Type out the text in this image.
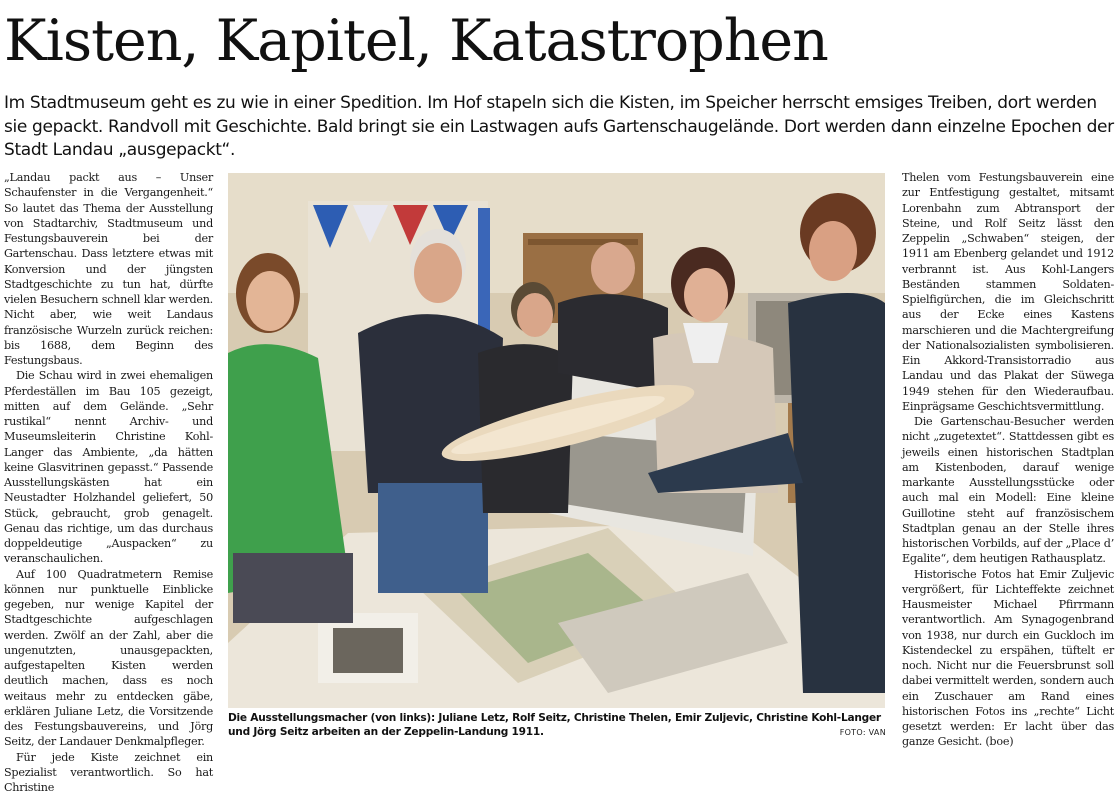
Kisten, Kapitel, Katastrophen

Im Stadtmuseum geht es zu wie in einer Spedition. Im Hof stapeln sich die Kisten, im Speicher herrscht emsiges Treiben, dort werden sie gepackt. Randvoll mit Geschichte. Bald bringt sie ein Lastwagen aufs Gartenschaugelände. Dort werden dann einzelne Epochen der Stadt Landau „ausgepackt“.

„Landau packt aus – Unser Schaufenster in die Vergangenheit.“ So lautet das Thema der Ausstellung von Stadtarchiv, Stadtmuseum und Festungsbauverein bei der Gartenschau. Dass letztere etwas mit Konversion und der jüngsten Stadtgeschichte zu tun hat, dürfte vielen Besuchern schnell klar werden. Nicht aber, wie weit Landaus französische Wurzeln zurück reichen: bis 1688, dem Beginn des Festungsbaus.

Die Schau wird in zwei ehemaligen Pferdeställen im Bau 105 gezeigt, mitten auf dem Gelände. „Sehr rustikal“ nennt Archiv- und Museumsleiterin Christine Kohl-Langer das Ambiente, „da hätten keine Glasvitrinen gepasst.“ Passende Ausstellungskästen hat ein Neustadter Holzhandel geliefert, 50 Stück, gebraucht, grob genagelt. Genau das richtige, um das durchaus doppeldeutige „Auspacken“ zu veranschaulichen.

Auf 100 Quadratmetern Remise können nur punktuelle Einblicke gegeben, nur wenige Kapitel der Stadtgeschichte aufgeschlagen werden. Zwölf an der Zahl, aber die ungenutzten, unausgepackten, aufgestapelten Kisten werden deutlich machen, dass es noch weitaus mehr zu entdecken gäbe, erklären Juliane Letz, die Vorsitzende des Festungsbauvereins, und Jörg Seitz, der Landauer Denkmalpfleger.

Für jede Kiste zeichnet ein Spezialist verantwortlich. So hat Christine

Die Ausstellungsmacher (von links): Juliane Letz, Rolf Seitz, Christine Thelen, Emir Zuljevic, Christine Kohl-Langer und Jörg Seitz arbeiten an der Zeppelin-Landung 1911.	FOTO: VAN

Thelen vom Festungsbauverein eine zur Entfestigung gestaltet, mitsamt Lorenbahn zum Abtransport der Steine, und Rolf Seitz lässt den Zeppelin „Schwaben“ steigen, der 1911 am Ebenberg gelandet und 1912 verbrannt ist. Aus Kohl-Langers Beständen stammen Soldaten-Spielfigürchen, die im Gleichschritt aus der Ecke eines Kastens marschieren und die Machtergreifung der Nationalsozialisten symbolisieren. Ein Akkord-Transistorradio aus Landau und das Plakat der Süwega 1949 stehen für den Wiederaufbau. Einprägsame Geschichtsvermittlung.

Die Gartenschau-Besucher werden nicht „zugetextet“. Stattdessen gibt es jeweils einen historischen Stadtplan am Kistenboden, darauf wenige markante Ausstellungsstücke oder auch mal ein Modell: Eine kleine Guillotine steht auf französischem Stadtplan genau an der Stelle ihres historischen Vorbilds, auf der „Place d’ Egalite“, dem heutigen Rathausplatz.

Historische Fotos hat Emir Zuljevic vergrößert, für Lichteffekte zeichnet Hausmeister Michael Pfirrmann verantwortlich. Am Synagogenbrand von 1938, nur durch ein Guckloch im Kistendeckel zu erspähen, tüftelt er noch. Nicht nur die Feuersbrunst soll dabei vermittelt werden, sondern auch ein Zuschauer am Rand eines historischen Fotos ins „rechte“ Licht gesetzt werden: Er lacht über das ganze Gesicht. (boe)
